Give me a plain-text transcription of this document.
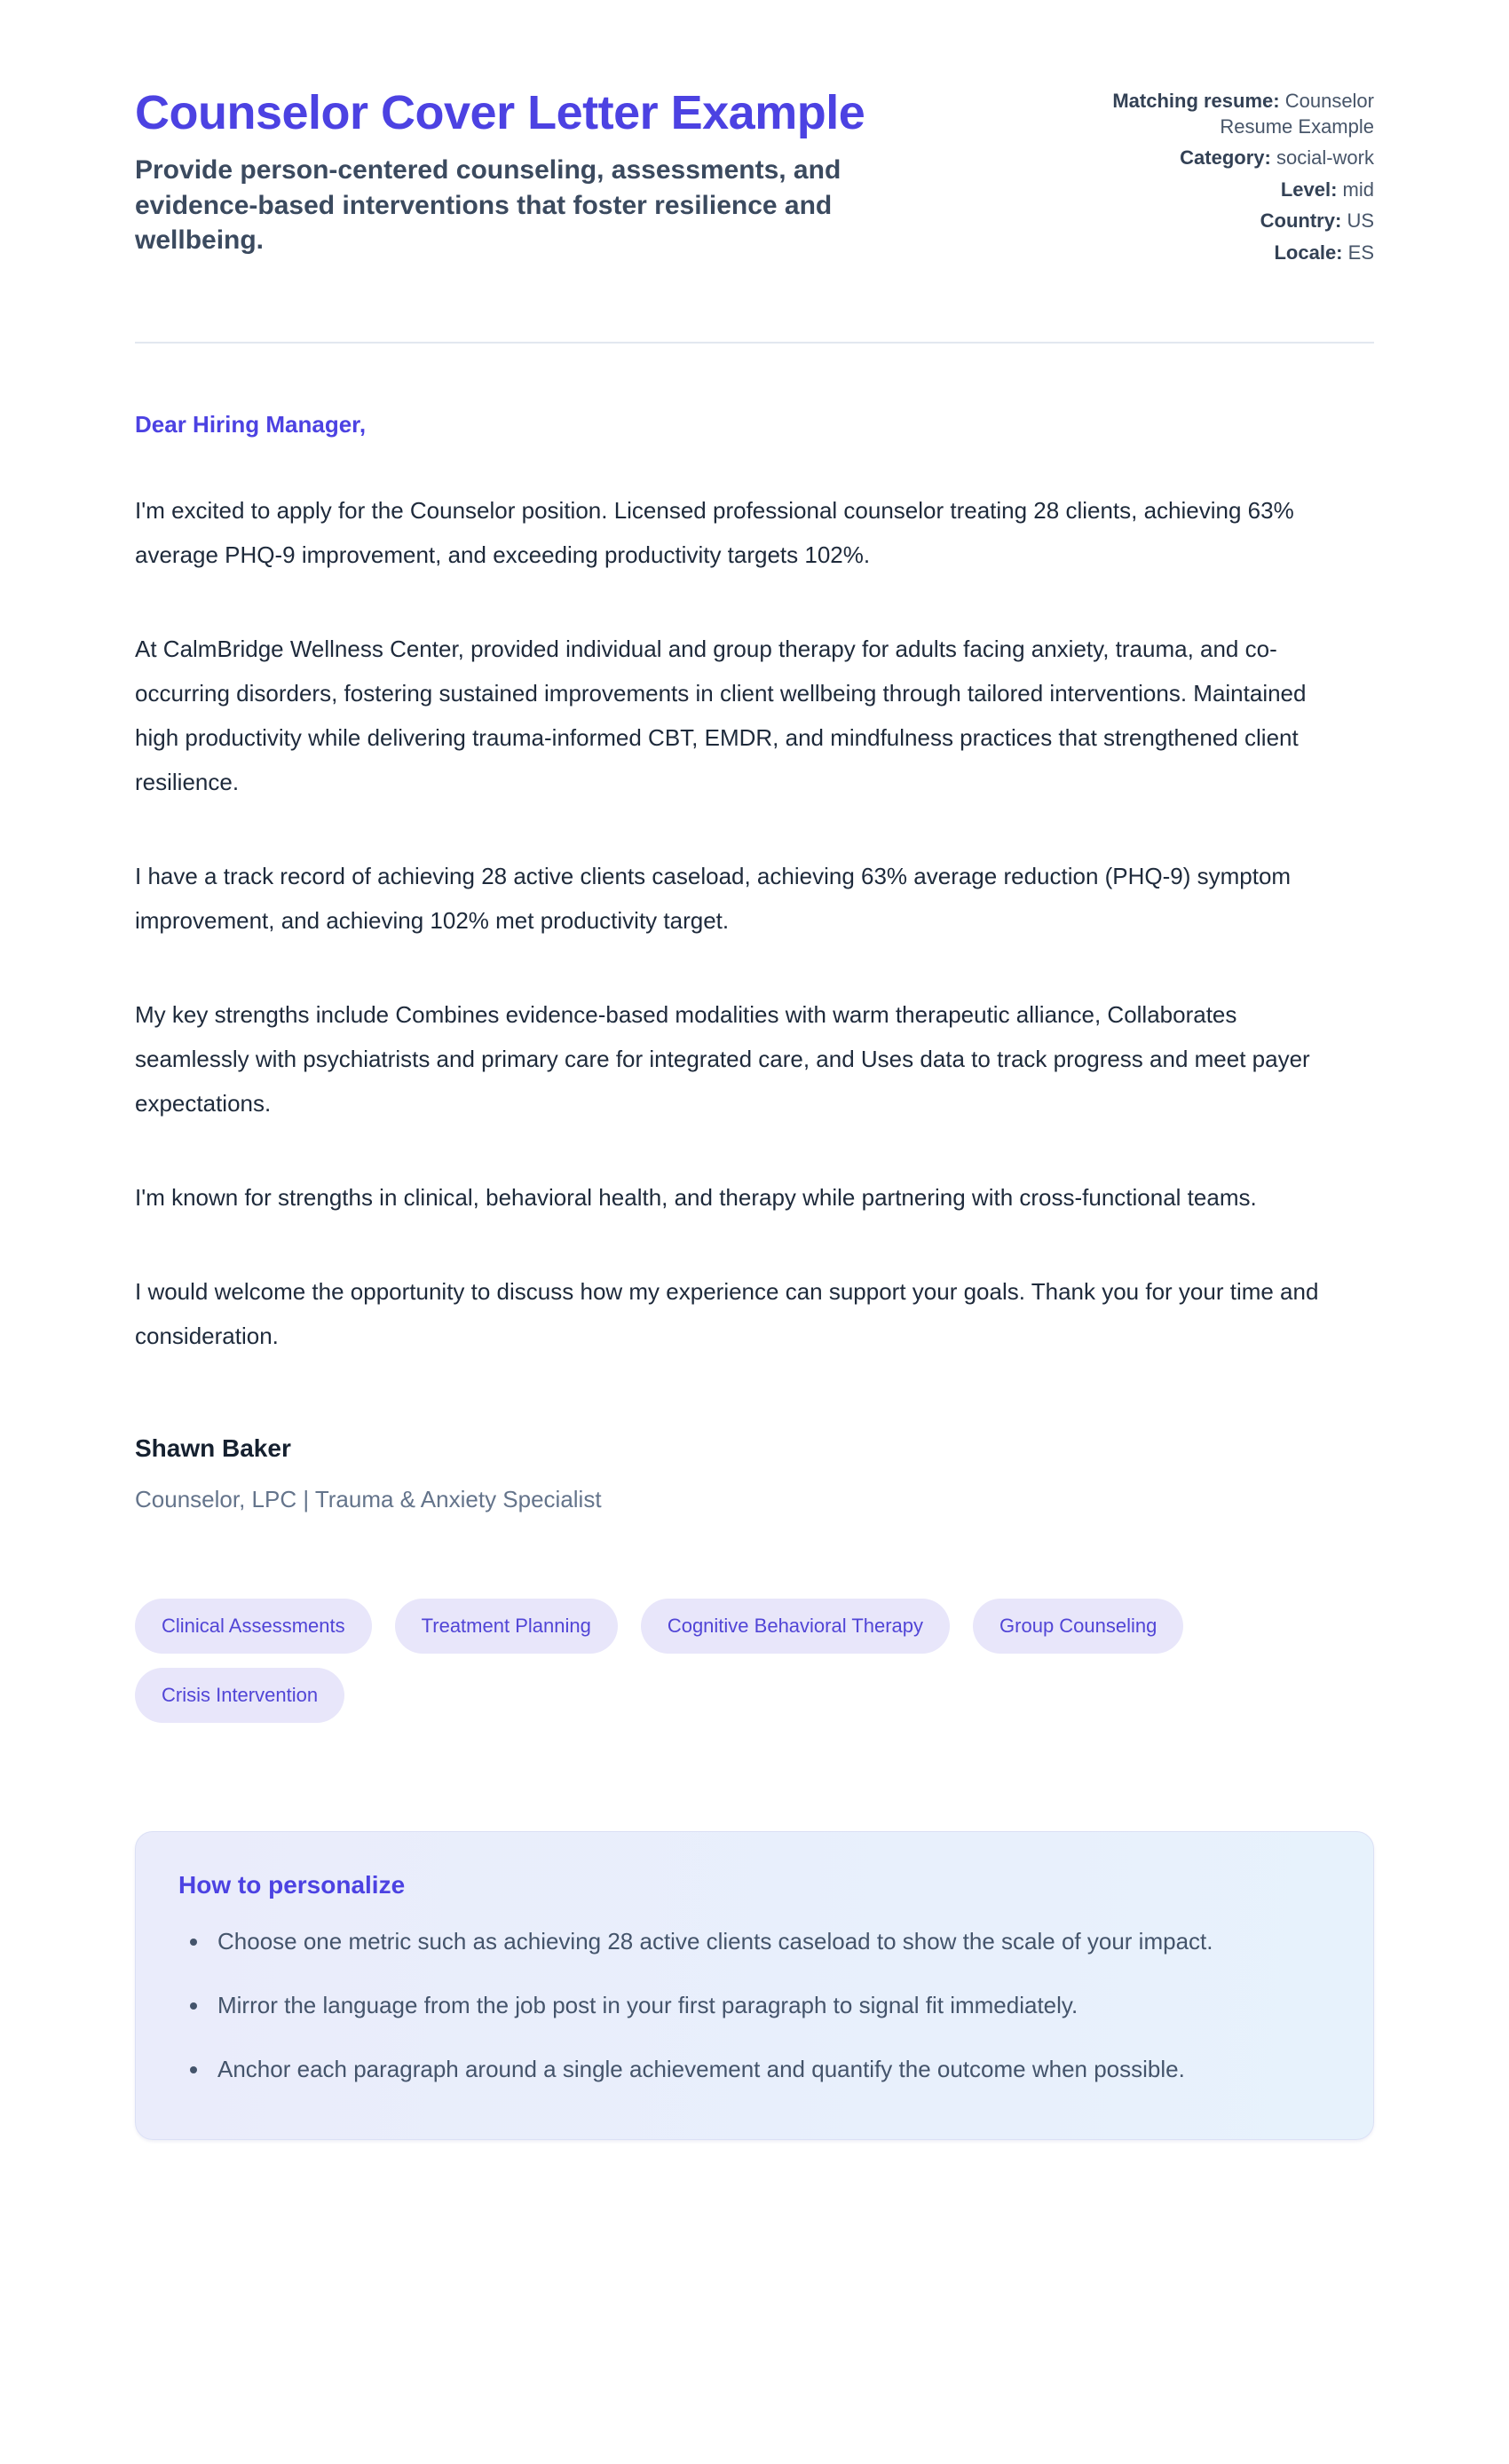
Counselor Cover Letter Example

Provide person-centered counseling, assessments, and evidence-based interventions that foster resilience and wellbeing.

Matching resume: Counselor Resume Example
Category: social-work
Level: mid
Country: US
Locale: ES

Dear Hiring Manager,

I'm excited to apply for the Counselor position. Licensed professional counselor treating 28 clients, achieving 63% average PHQ-9 improvement, and exceeding productivity targets 102%.

At CalmBridge Wellness Center, provided individual and group therapy for adults facing anxiety, trauma, and co-occurring disorders, fostering sustained improvements in client wellbeing through tailored interventions. Maintained high productivity while delivering trauma-informed CBT, EMDR, and mindfulness practices that strengthened client resilience.

I have a track record of achieving 28 active clients caseload, achieving 63% average reduction (PHQ-9) symptom improvement, and achieving 102% met productivity target.

My key strengths include Combines evidence-based modalities with warm therapeutic alliance, Collaborates seamlessly with psychiatrists and primary care for integrated care, and Uses data to track progress and meet payer expectations.

I'm known for strengths in clinical, behavioral health, and therapy while partnering with cross-functional teams.

I would welcome the opportunity to discuss how my experience can support your goals. Thank you for your time and consideration.

Shawn Baker

Counselor, LPC | Trauma & Anxiety Specialist

Clinical Assessments	Treatment Planning	Cognitive Behavioral Therapy	Group Counseling
Crisis Intervention
How to personalize
• Choose one metric such as achieving 28 active clients caseload to show the scale of your impact.
• Mirror the language from the job post in your first paragraph to signal fit immediately.
• Anchor each paragraph around a single achievement and quantify the outcome when possible.
